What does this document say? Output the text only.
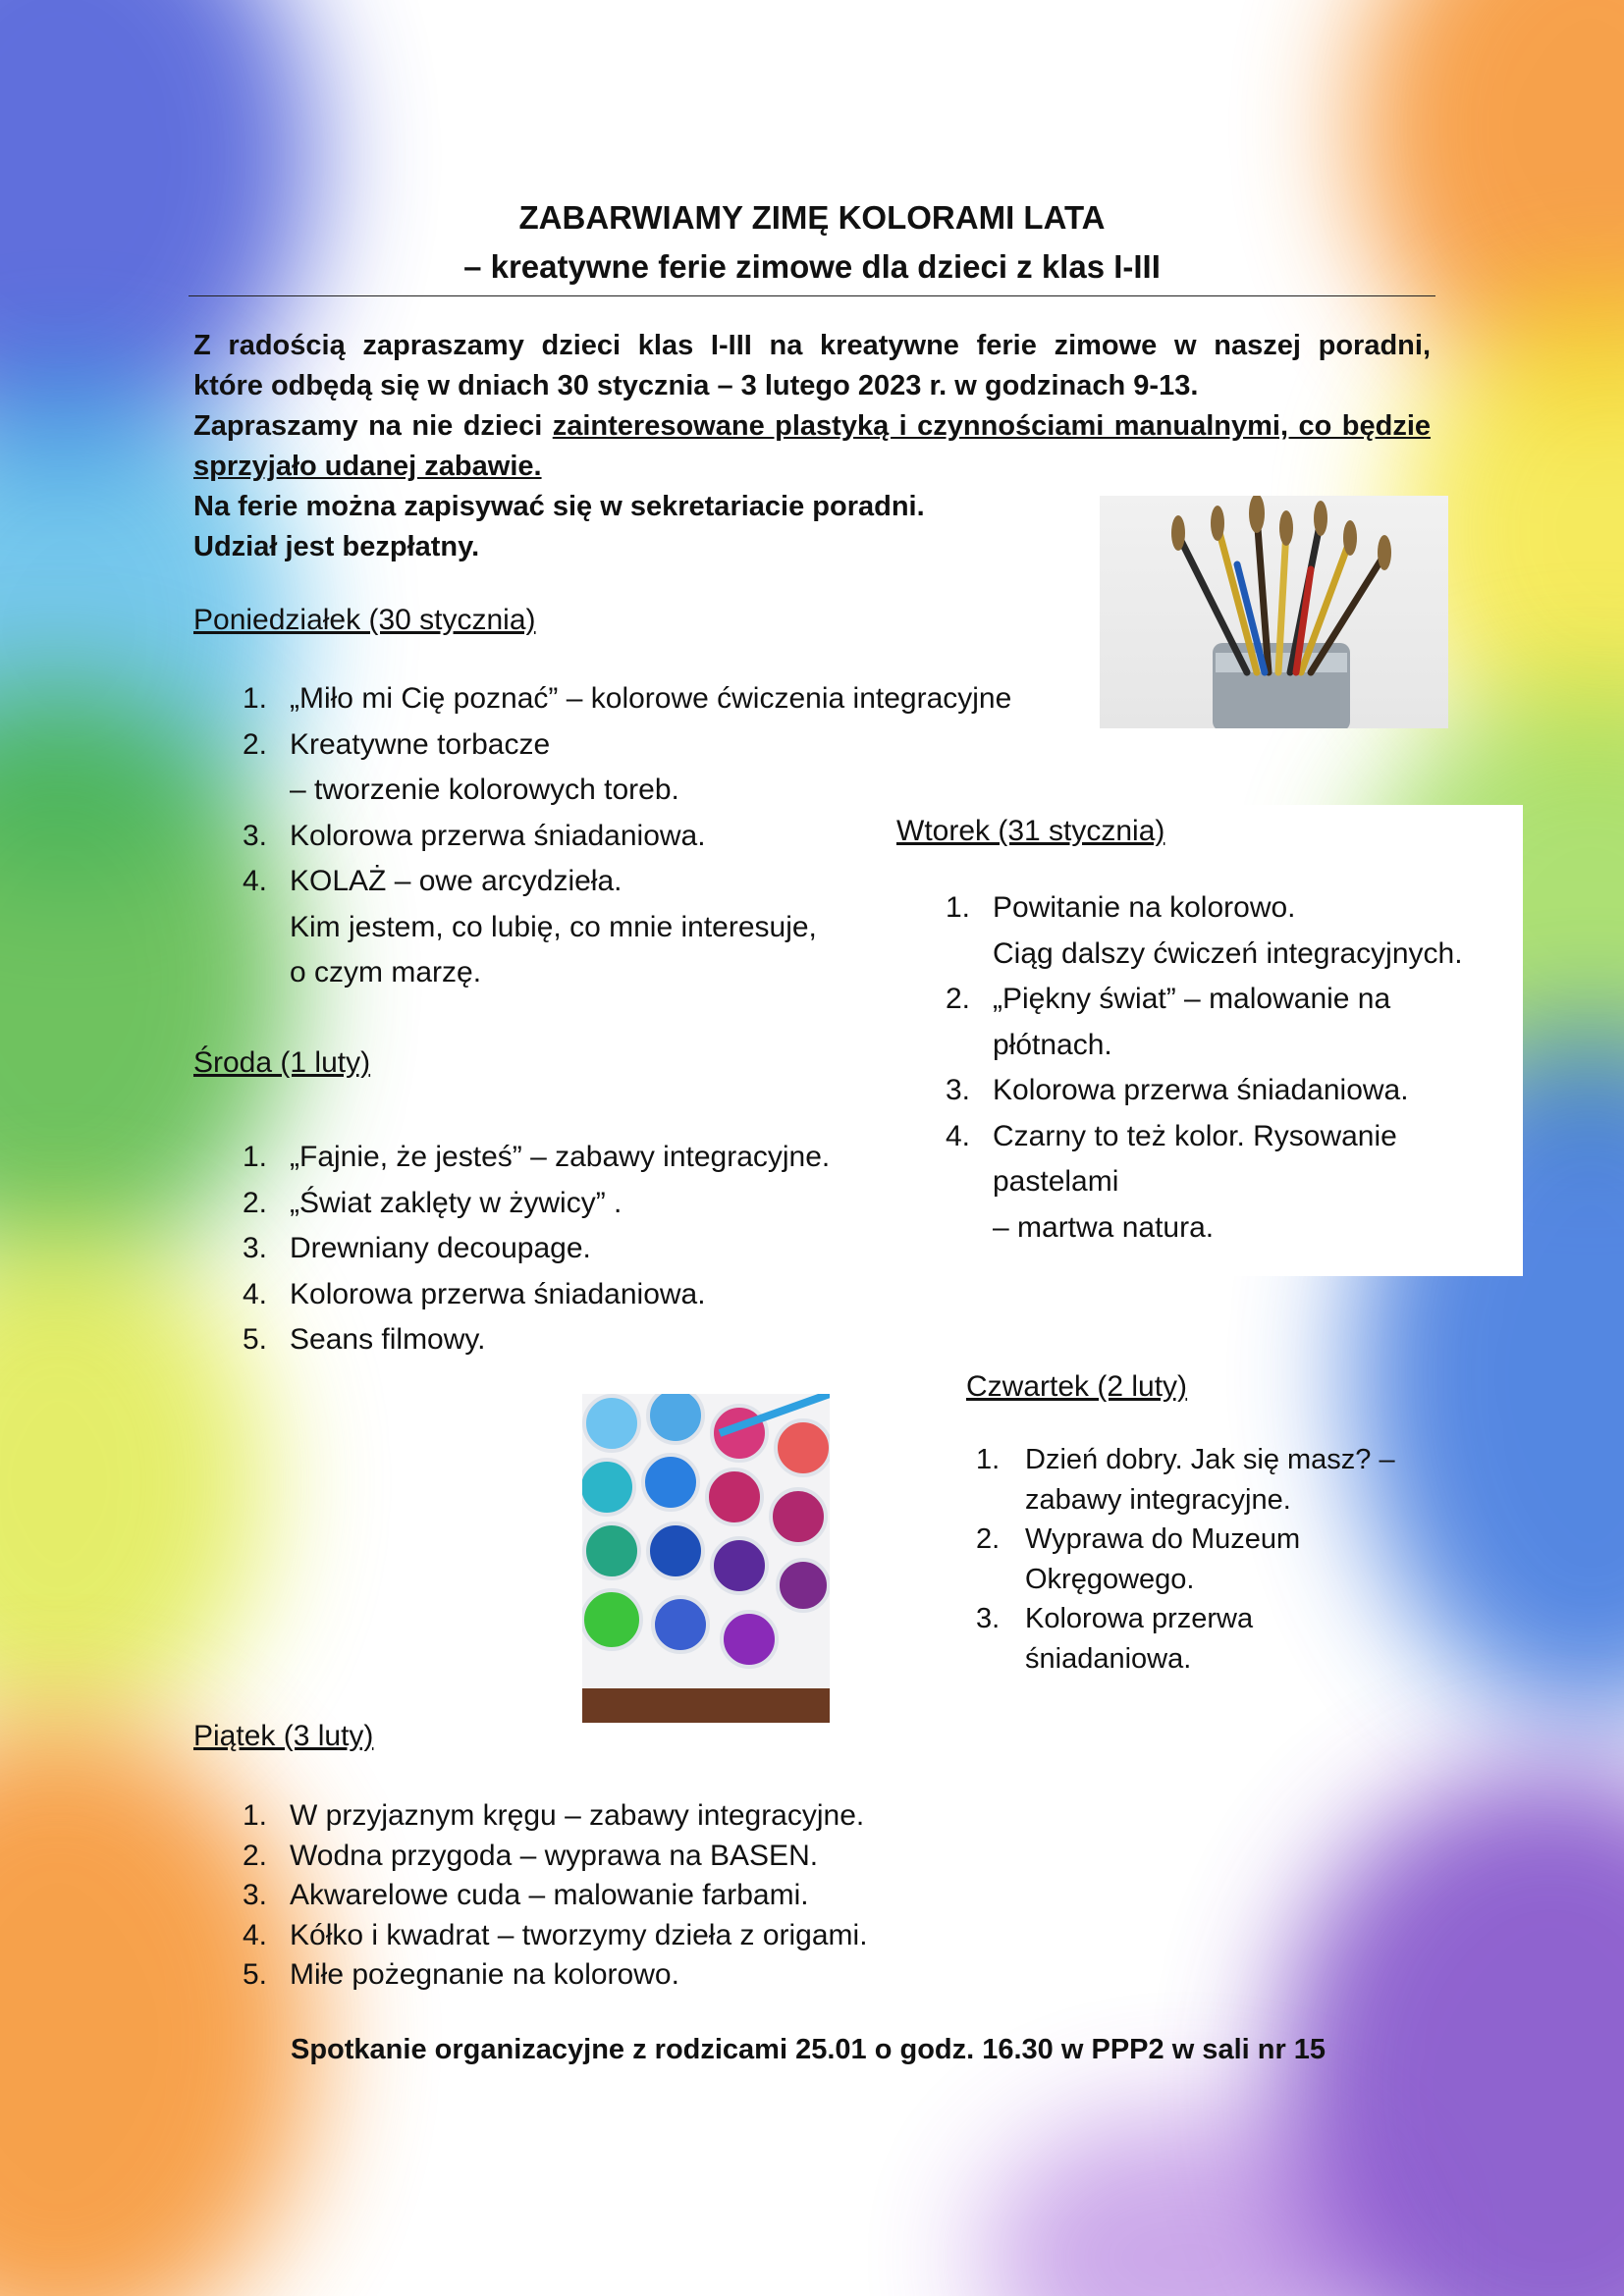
ZABARWIAMY ZIMĘ KOLORAMI LATA
– kreatywne ferie zimowe dla dzieci z klas I-III
Z radością zapraszamy dzieci klas I-III na kreatywne ferie zimowe w naszej poradni,
które odbędą się w dniach 30 stycznia – 3 lutego 2023 r. w godzinach 9-13.
Zapraszamy na nie dzieci zainteresowane plastyką i czynnościami manualnymi, co będzie
sprzyjało udanej zabawie.
Na ferie można zapisywać się w sekretariacie poradni.
Udział jest bezpłatny.
Poniedziałek (30 stycznia)
1. „Miło mi Cię poznać” – kolorowe ćwiczenia integracyjne
2. Kreatywne torbacze
– tworzenie kolorowych toreb.
3. Kolorowa przerwa śniadaniowa.
4. KOLAŻ – owe arcydzieła.
Kim jestem, co lubię, co mnie interesuje,
o czym marzę.
Wtorek (31 stycznia)
1. Powitanie na kolorowo.
Ciąg dalszy ćwiczeń integracyjnych.
2. „Piękny świat” – malowanie na
płótnach.
3. Kolorowa przerwa śniadaniowa.
4. Czarny to też kolor. Rysowanie
pastelami
– martwa natura.
Środa (1 luty)
1. „Fajnie, że jesteś” – zabawy integracyjne.
2. „Świat zaklęty w żywicy” .
3. Drewniany decoupage.
4. Kolorowa przerwa śniadaniowa.
5. Seans filmowy.
Czwartek (2 luty)
1. Dzień dobry. Jak się masz? –
zabawy integracyjne.
2. Wyprawa do Muzeum
Okręgowego.
3. Kolorowa przerwa
śniadaniowa.
Piątek (3 luty)
1. W przyjaznym kręgu – zabawy integracyjne.
2. Wodna przygoda – wyprawa na BASEN.
3. Akwarelowe cuda – malowanie farbami.
4. Kółko i kwadrat – tworzymy dzieła z origami.
5. Miłe pożegnanie na kolorowo.
Spotkanie organizacyjne z rodzicami 25.01 o godz. 16.30 w PPP2 w sali nr 15
